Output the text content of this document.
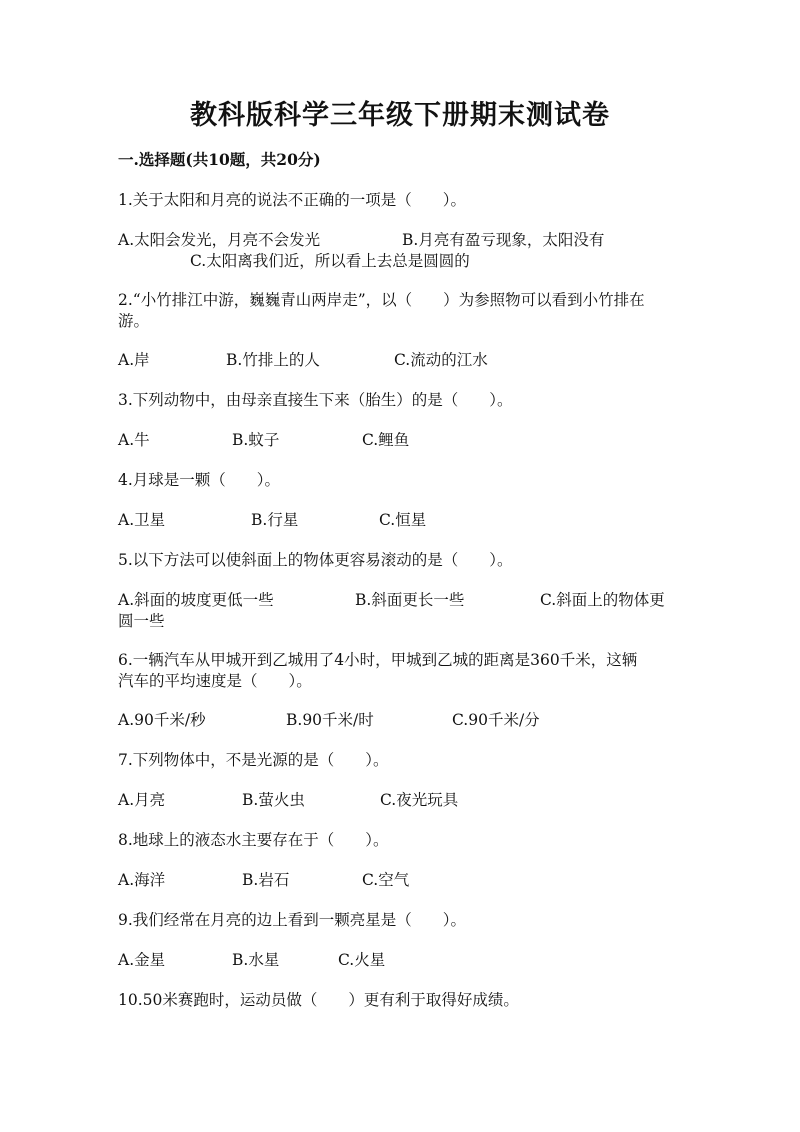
教科版科学三年级下册期末测试卷
一.选择题(共10题，共20分)
1.关于太阳和月亮的说法不正确的一项是（　　）。
A.太阳会发光，月亮不会发光	B.月亮有盈亏现象，太阳没有
C.太阳离我们近，所以看上去总是圆圆的
2.“小竹排江中游，巍巍青山两岸走”，以（　　）为参照物可以看到小竹排在
游。
A.岸	B.竹排上的人	C.流动的江水
3.下列动物中，由母亲直接生下来（胎生）的是（　　）。
A.牛	B.蚊子	C.鲤鱼
4.月球是一颗（　　）。
A.卫星	B.行星	C.恒星
5.以下方法可以使斜面上的物体更容易滚动的是（　　）。
A.斜面的坡度更低一些	B.斜面更长一些	C.斜面上的物体更
圆一些
6.一辆汽车从甲城开到乙城用了4小时，甲城到乙城的距离是360千米，这辆
汽车的平均速度是（　　）。
A.90千米/秒	B.90千米/时	C.90千米/分
7.下列物体中，不是光源的是（　　）。
A.月亮	B.萤火虫	C.夜光玩具
8.地球上的液态水主要存在于（　　）。
A.海洋	B.岩石	C.空气
9.我们经常在月亮的边上看到一颗亮星是（　　）。
A.金星	B.水星	C.火星
10.50米赛跑时，运动员做（　　）更有利于取得好成绩。
